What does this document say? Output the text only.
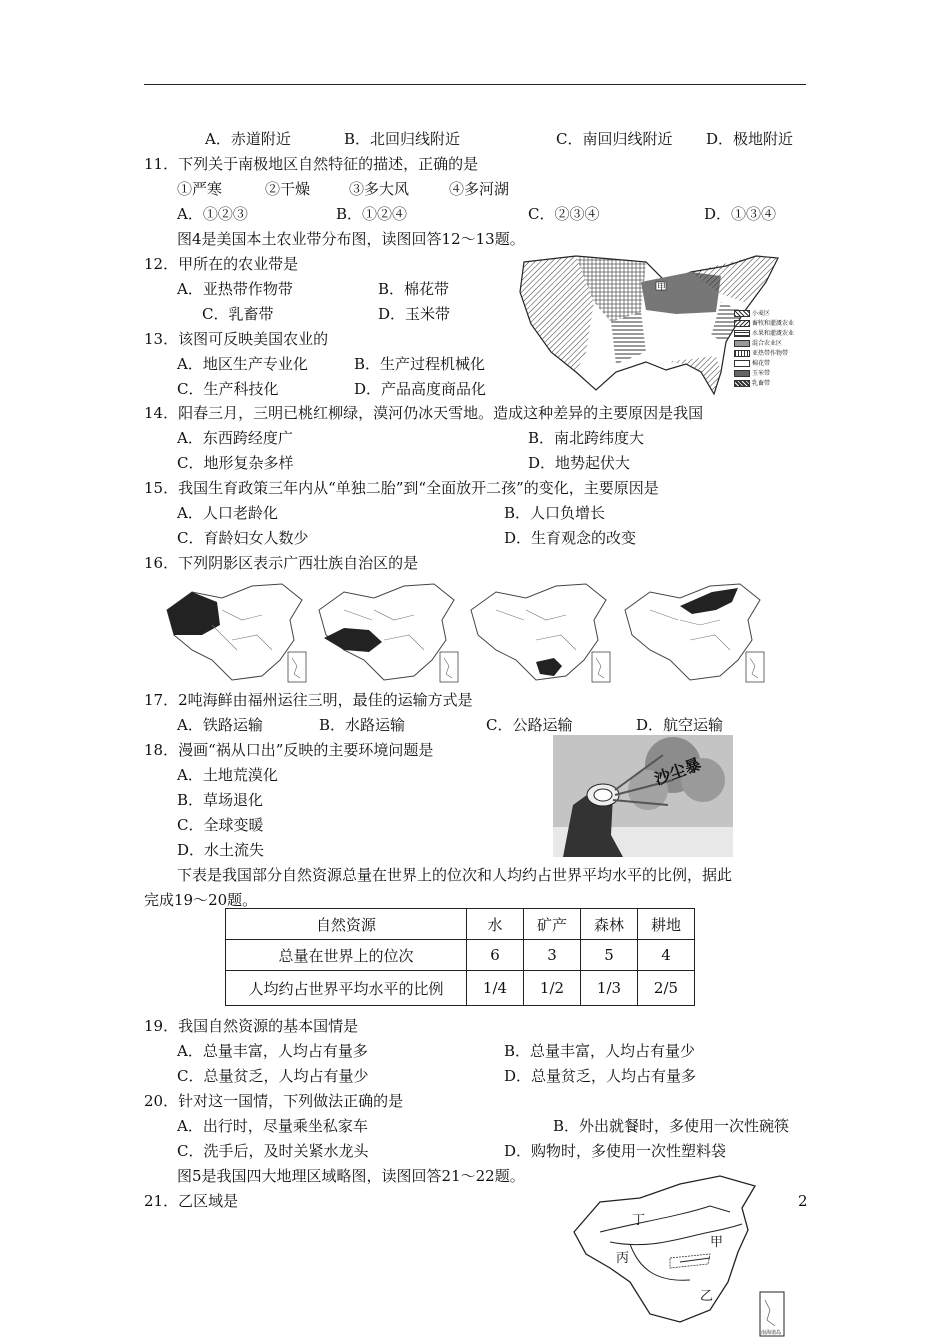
A．赤道附近	B．北回归线附近	C．南回归线附近 D．极地附近
11．下列关于南极地区自然特征的描述，正确的是
①严寒	②干燥	③多大风	④多河湖
A．①②③	B．①②④	C．②③④	D．①③④
图4是美国本土农业带分布图，读图回答12～13题。
12．甲所在的农业带是
A．亚热带作物带	B．棉花带
C．乳畜带	D．玉米带
13．该图可反映美国农业的
A．地区生产专业化	B．生产过程机械化
C．生产科技化	D．产品高度商品化
甲
小麦区
畜牧和灌溉农业
水果和灌溉农业
混合农业区
亚热带作物带
棉花带
玉米带
乳畜带
14．阳春三月，三明已桃红柳绿，漠河仍冰天雪地。造成这种差异的主要原因是我国
A．东西跨经度广	B．南北跨纬度大
C．地形复杂多样	D．地势起伏大
15．我国生育政策三年内从“单独二胎”到“全面放开二孩”的变化，主要原因是
A．人口老龄化	B．人口负增长
C．育龄妇女人数少	D．生育观念的改变
16．下列阴影区表示广西壮族自治区的是
17．2吨海鲜由福州运往三明，最佳的运输方式是
A．铁路运输	B．水路运输	C．公路运输	D．航空运输
18．漫画“祸从口出”反映的主要环境问题是
A．土地荒漠化
B．草场退化
C．全球变暖
D．水土流失
沙尘暴
下表是我国部分自然资源总量在世界上的位次和人均约占世界平均水平的比例，据此
完成19～20题。
自然资源	水	矿产	森林	耕地
总量在世界上的位次	6	3	5	4
人均约占世界平均水平的比例	1/4	1/2	1/3	2/5
19．我国自然资源的基本国情是
A．总量丰富，人均占有量多	B．总量丰富，人均占有量少
C．总量贫乏，人均占有量少	D．总量贫乏，人均占有量多
20．针对这一国情，下列做法正确的是
A．出行时，尽量乘坐私家车	B．外出就餐时，多使用一次性碗筷
C．洗手后，及时关紧水龙头	D．购物时，多使用一次性塑料袋
图5是我国四大地理区域略图，读图回答21～22题。
21．乙区域是
丁
甲
丙
乙
南海诸岛
2
